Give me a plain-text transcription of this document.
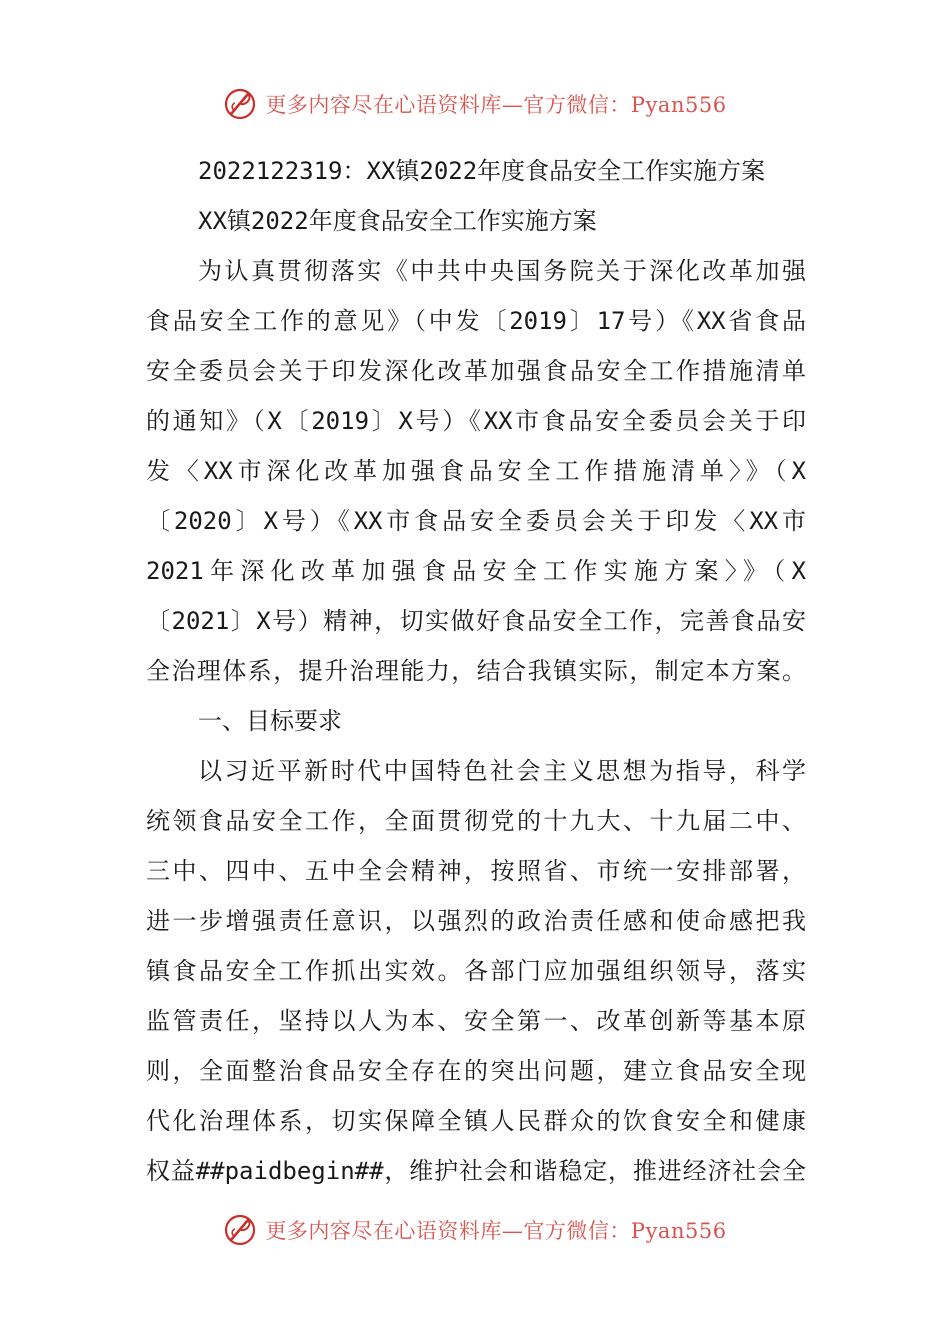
更多内容尽在心语资料库—官方微信：Pyan556
2022122319：XX镇2022年度食品安全工作实施方案
XX镇2022年度食品安全工作实施方案
为认真贯彻落实《中共中央国务院关于深化改革加强
食品安全工作的意见》（中发〔2019〕17号）《XX省食品
安全委员会关于印发深化改革加强食品安全工作措施清单
的通知》（X〔2019〕X号）《XX市食品安全委员会关于印
发〈XX市深化改革加强食品安全工作措施清单〉》（X
〔2020〕X号）《XX市食品安全委员会关于印发〈XX市
2021年深化改革加强食品安全工作实施方案〉》（X
〔2021〕X号）精神，切实做好食品安全工作，完善食品安
全治理体系，提升治理能力，结合我镇实际，制定本方案。
一、目标要求
以习近平新时代中国特色社会主义思想为指导，科学
统领食品安全工作，全面贯彻党的十九大、十九届二中、
三中、四中、五中全会精神，按照省、市统一安排部署，
进一步增强责任意识，以强烈的政治责任感和使命感把我
镇食品安全工作抓出实效。各部门应加强组织领导，落实
监管责任，坚持以人为本、安全第一、改革创新等基本原
则，全面整治食品安全存在的突出问题，建立食品安全现
代化治理体系，切实保障全镇人民群众的饮食安全和健康
权益##paidbegin##，维护社会和谐稳定，推进经济社会全
更多内容尽在心语资料库—官方微信：Pyan556
